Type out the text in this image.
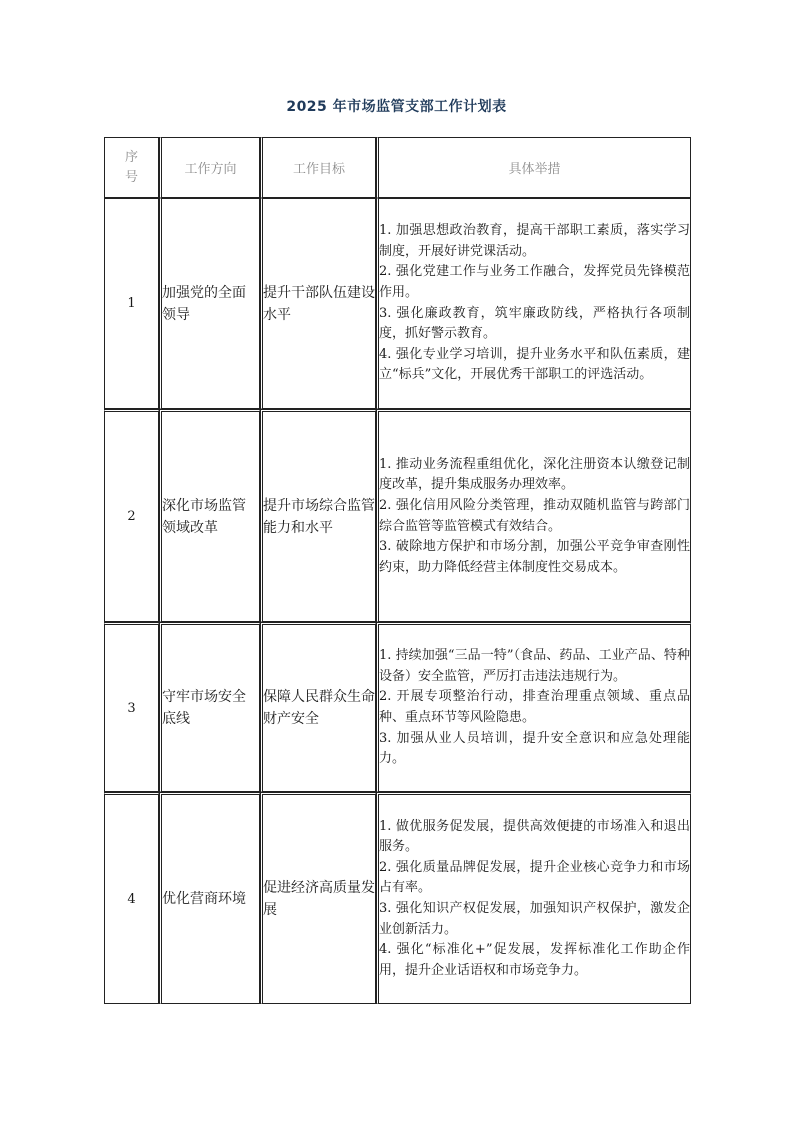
2025 年市场监管支部工作计划表
序号	工作方向	工作目标	具体举措
1	加强党的全面领导	提升干部队伍建设水平	1. 加强思想政治教育，提高干部职工素质，落实学习制度，开展好讲党课活动。

2. 强化党建工作与业务工作融合，发挥党员先锋模范作用。

3. 强化廉政教育，筑牢廉政防线，严格执行各项制度，抓好警示教育。

4. 强化专业学习培训，提升业务水平和队伍素质，建立“标兵”文化，开展优秀干部职工的评选活动。

2	深化市场监管领域改革	提升市场综合监管能力和水平	1. 推动业务流程重组优化，深化注册资本认缴登记制度改革，提升集成服务办理效率。

2. 强化信用风险分类管理，推动双随机监管与跨部门综合监管等监管模式有效结合。

3. 破除地方保护和市场分割，加强公平竞争审查刚性约束，助力降低经营主体制度性交易成本。

3	守牢市场安全底线	保障人民群众生命财产安全	1. 持续加强“三品一特”（食品、药品、工业产品、特种设备）安全监管，严厉打击违法违规行为。

2. 开展专项整治行动，排查治理重点领域、重点品种、重点环节等风险隐患。

3. 加强从业人员培训，提升安全意识和应急处理能力。

4	优化营商环境	促进经济高质量发展	1. 做优服务促发展，提供高效便捷的市场准入和退出服务。

2. 强化质量品牌促发展，提升企业核心竞争力和市场占有率。

3. 强化知识产权促发展，加强知识产权保护，激发企业创新活力。

4. 强化“标准化+”促发展，发挥标准化工作助企作用，提升企业话语权和市场竞争力。
